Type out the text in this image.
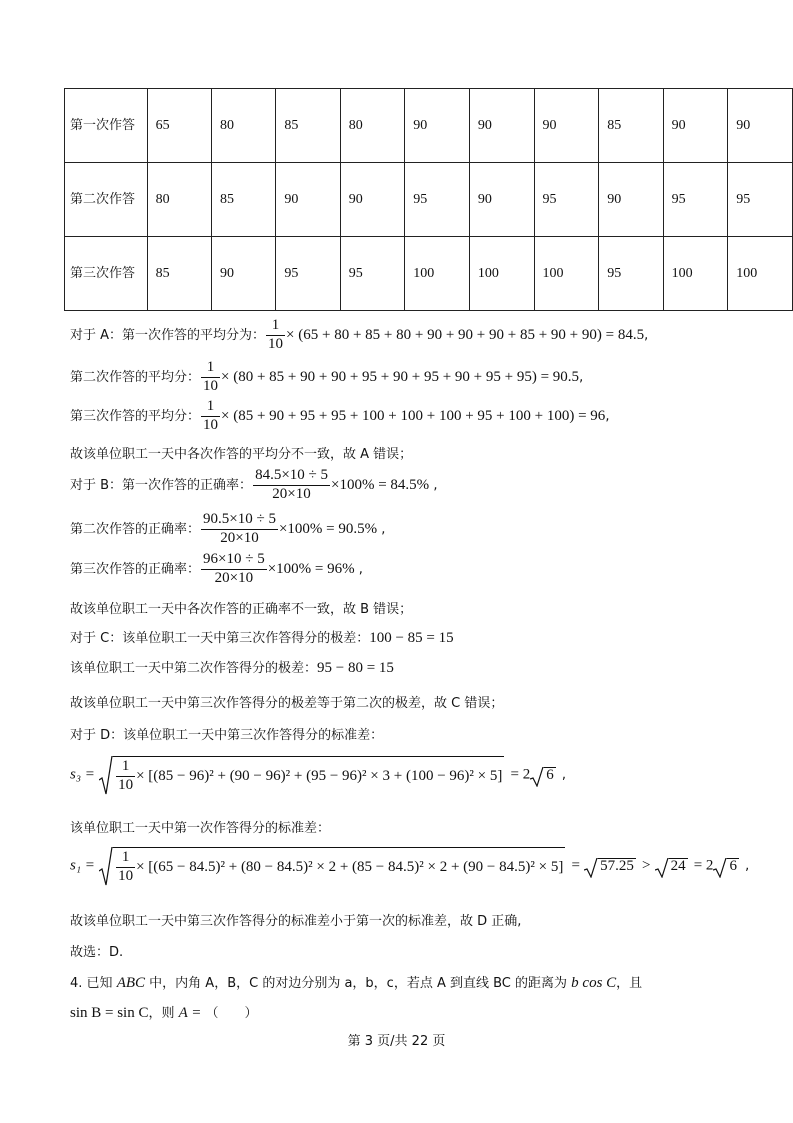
第一次作答	65	80	85	80	90	90	90	85	90	90
第二次作答	80	85	90	90	95	90	95	90	95	95
第三次作答	85	90	95	95	100	100	100	95	100	100
对于 A：第一次作答的平均分为： $\frac{1}{10} \times (65 + 80 + 85 + 80 + 90 + 90 + 90 + 85 + 90 + 90) = 84.5$,
第二次作答的平均分： $\frac{1}{10} \times (80 + 85 + 90 + 90 + 95 + 90 + 95 + 90 + 95 + 95) = 90.5$,
第三次作答的平均分： $\frac{1}{10} \times (85 + 90 + 95 + 95 + 100 + 100 + 100 + 95 + 100 + 100) = 96$,
故该单位职工一天中各次作答的平均分不一致，故 A 错误；
对于 B：第一次作答的正确率： $\frac{84.5\times 10 \div 5}{20\times 10} \times 100\% = 84.5\%$ ,
第二次作答的正确率： $\frac{90.5\times 10 \div 5}{20\times 10} \times 100\% = 90.5\%$ ,
第三次作答的正确率： $\frac{96\times 10 \div 5}{20\times 10} \times 100\% = 96\%$ ,
故该单位职工一天中各次作答的正确率不一致，故 B 错误；
对于 C：该单位职工一天中第三次作答得分的极差：100 − 85 = 15
该单位职工一天中第二次作答得分的极差：95 − 80 = 15
故该单位职工一天中第三次作答得分的极差等于第二次的极差，故 C 错误；
对于 D：该单位职工一天中第三次作答得分的标准差：
$s_3 = \frac{1}{10} \times [(85 - 96)^2 + (90 - 96)^2 + (95 - 96)^2 \times 3 + (100 - 96)^2 \times 5] = 2$ 6 ,
该单位职工一天中第一次作答得分的标准差：
$s_1 = \frac{1}{10} \times [(65 - 84.5)^2 + (80 - 84.5)^2 \times 2 + (85 - 84.5)^2 \times 2 + (90 - 84.5)^2 \times 5] = 57.25 > 24 = 2$ 6 ,
故该单位职工一天中第三次作答得分的标准差小于第一次的标准差，故 D 正确,
故选：D.
4. 已知 ABC 中，内角 A，B，C 的对边分别为 a，b，c，若点 A 到直线 BC 的距离为 b cos C，且
sin B = sin C，则 A = （　　）
第 3 页/共 22 页
